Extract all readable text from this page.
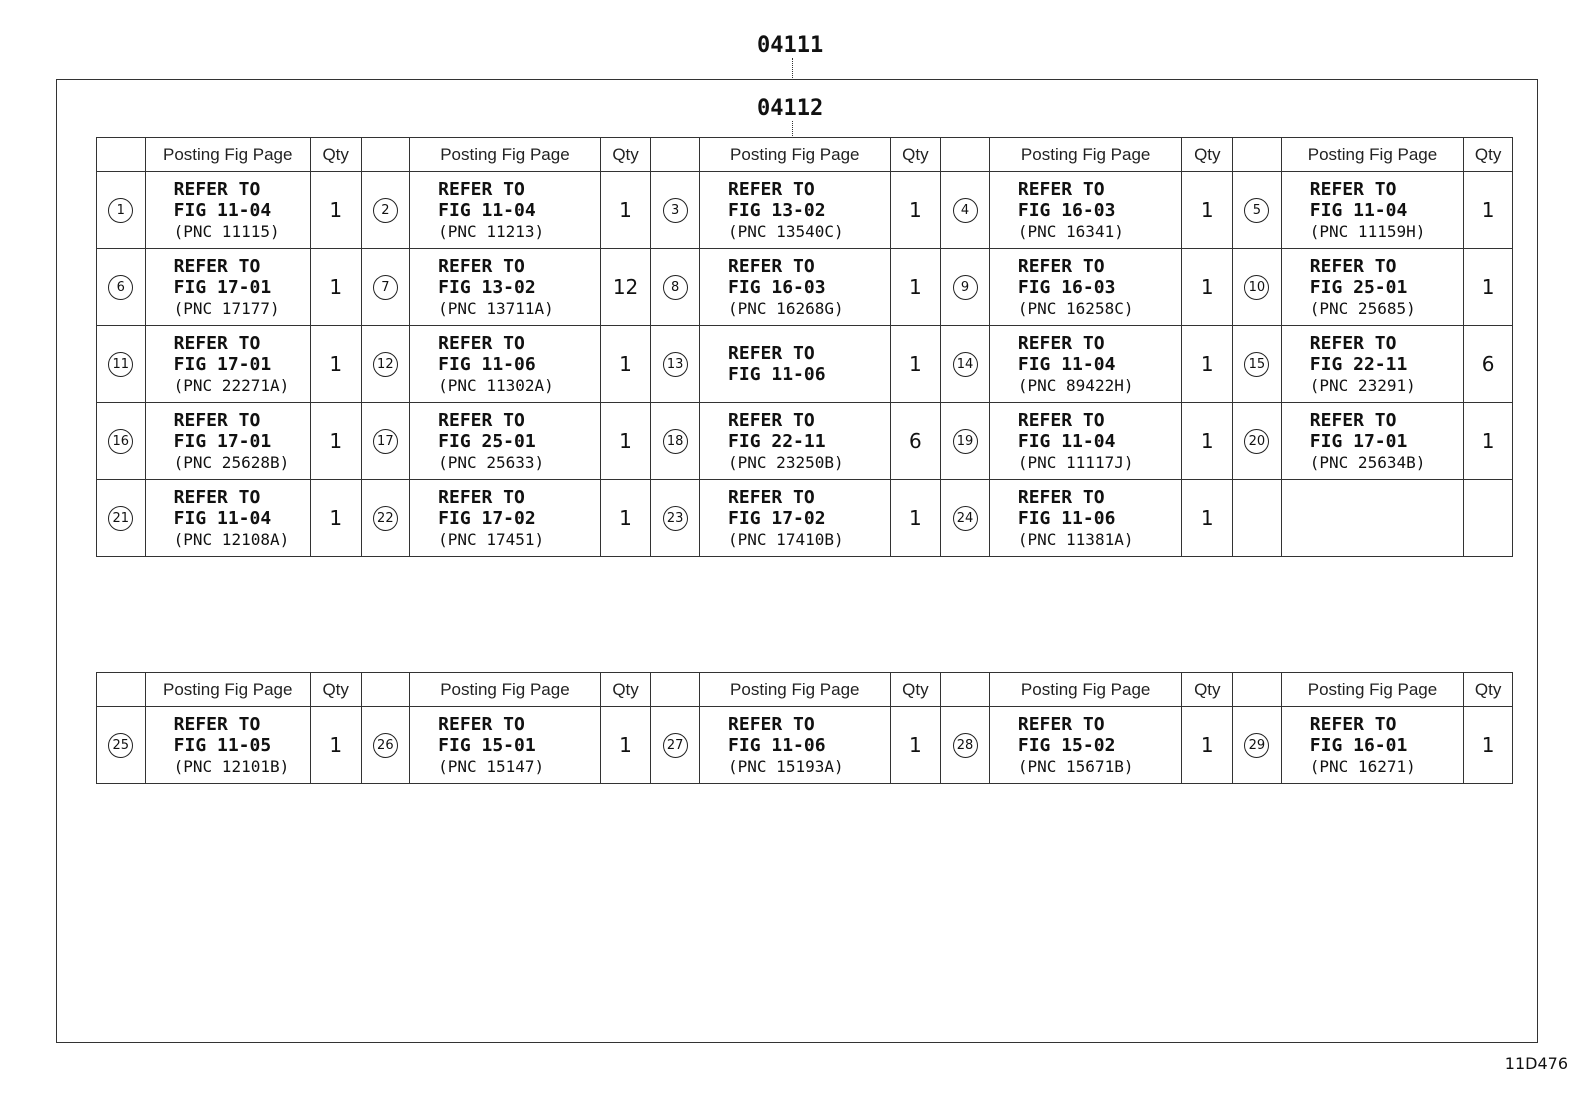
04111
04112
	Posting Fig Page	Qty		Posting Fig Page	Qty		Posting Fig Page	Qty		Posting Fig Page	Qty		Posting Fig Page	Qty
1	REFER TO
FIG 11-04
(PNC 11115)	1	2	REFER TO
FIG 11-04
(PNC 11213)	1	3	REFER TO
FIG 13-02
(PNC 13540C)	1	4	REFER TO
FIG 16-03
(PNC 16341)	1	5	REFER TO
FIG 11-04
(PNC 11159H)	1
6	REFER TO
FIG 17-01
(PNC 17177)	1	7	REFER TO
FIG 13-02
(PNC 13711A)	12	8	REFER TO
FIG 16-03
(PNC 16268G)	1	9	REFER TO
FIG 16-03
(PNC 16258C)	1	10	REFER TO
FIG 25-01
(PNC 25685)	1
11	REFER TO
FIG 17-01
(PNC 22271A)	1	12	REFER TO
FIG 11-06
(PNC 11302A)	1	13	REFER TO
FIG 11-06	1	14	REFER TO
FIG 11-04
(PNC 89422H)	1	15	REFER TO
FIG 22-11
(PNC 23291)	6
16	REFER TO
FIG 17-01
(PNC 25628B)	1	17	REFER TO
FIG 25-01
(PNC 25633)	1	18	REFER TO
FIG 22-11
(PNC 23250B)	6	19	REFER TO
FIG 11-04
(PNC 11117J)	1	20	REFER TO
FIG 17-01
(PNC 25634B)	1
21	REFER TO
FIG 11-04
(PNC 12108A)	1	22	REFER TO
FIG 17-02
(PNC 17451)	1	23	REFER TO
FIG 17-02
(PNC 17410B)	1	24	REFER TO
FIG 11-06
(PNC 11381A)	1			
	Posting Fig Page	Qty		Posting Fig Page	Qty		Posting Fig Page	Qty		Posting Fig Page	Qty		Posting Fig Page	Qty
25	REFER TO
FIG 11-05
(PNC 12101B)	1	26	REFER TO
FIG 15-01
(PNC 15147)	1	27	REFER TO
FIG 11-06
(PNC 15193A)	1	28	REFER TO
FIG 15-02
(PNC 15671B)	1	29	REFER TO
FIG 16-01
(PNC 16271)	1
11D476
